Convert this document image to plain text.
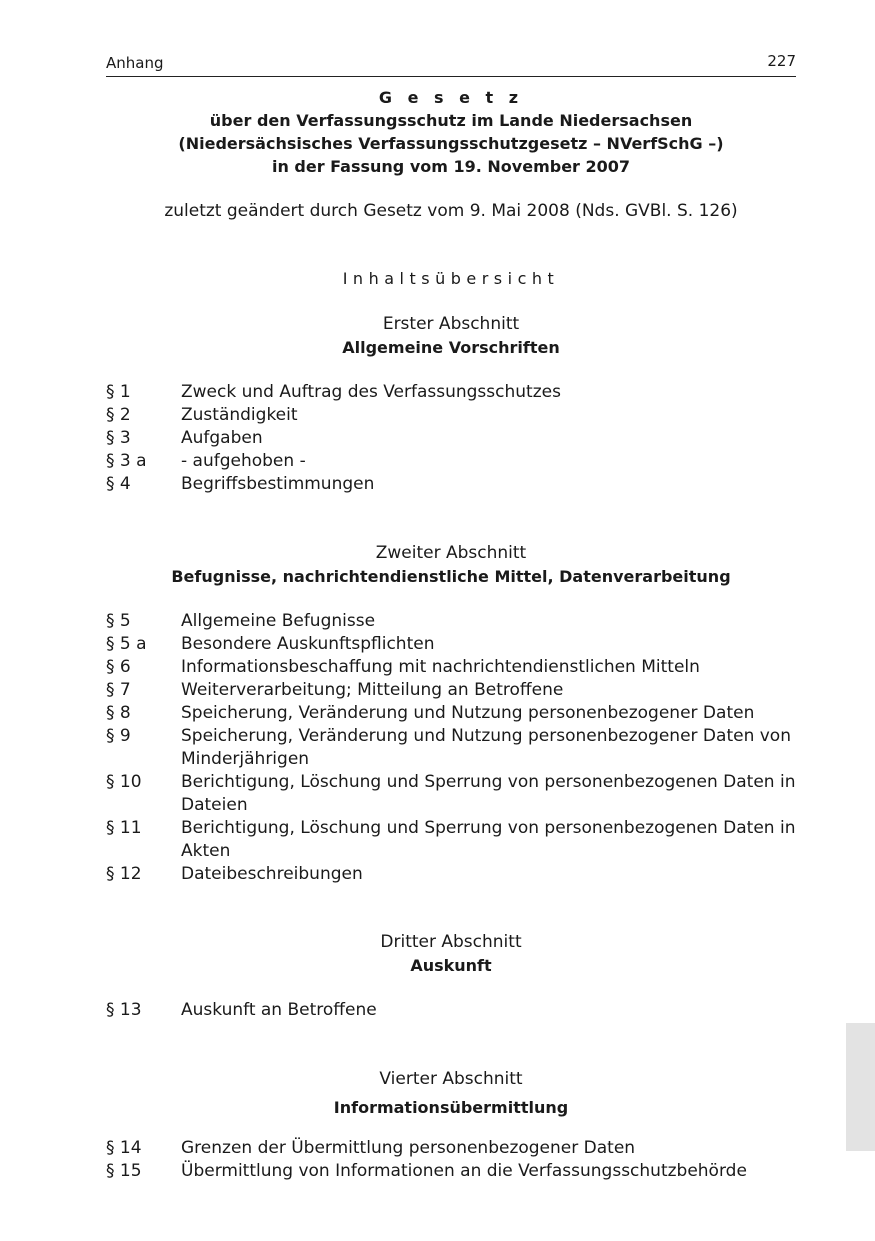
Anhang	227
G e s e t z
über den Verfassungsschutz im Lande Niedersachsen
(Niedersächsisches Verfassungsschutzgesetz – NVerfSchG –)
in der Fassung vom 19. November 2007
zuletzt geändert durch Gesetz vom 9. Mai 2008 (Nds. GVBl. S. 126)
Inhaltsübersicht
Erster Abschnitt
Allgemeine Vorschriften
§ 1	Zweck und Auftrag des Verfassungsschutzes
§ 2	Zuständigkeit
§ 3	Aufgaben
§ 3 a - aufgehoben -
§ 4	Begriffsbestimmungen
Zweiter Abschnitt
Befugnisse, nachrichtendienstliche Mittel, Datenverarbeitung
§ 5	Allgemeine Befugnisse
§ 5 a Besondere Auskunftspflichten
§ 6	Informationsbeschaffung mit nachrichtendienstlichen Mitteln
§ 7	Weiterverarbeitung; Mitteilung an Betroffene
§ 8	Speicherung, Veränderung und Nutzung personenbezogener Daten
§ 9	Speicherung, Veränderung und Nutzung personenbezogener Daten von Minderjährigen
§ 10 Berichtigung, Löschung und Sperrung von personenbezogenen Daten in Dateien
§ 11 Berichtigung, Löschung und Sperrung von personenbezogenen Daten in Akten
§ 12 Dateibeschreibungen
Dritter Abschnitt
Auskunft
§ 13 Auskunft an Betroffene
Vierter Abschnitt
Informationsübermittlung
§ 14 Grenzen der Übermittlung personenbezogener Daten
§ 15 Übermittlung von Informationen an die Verfassungsschutzbehörde
